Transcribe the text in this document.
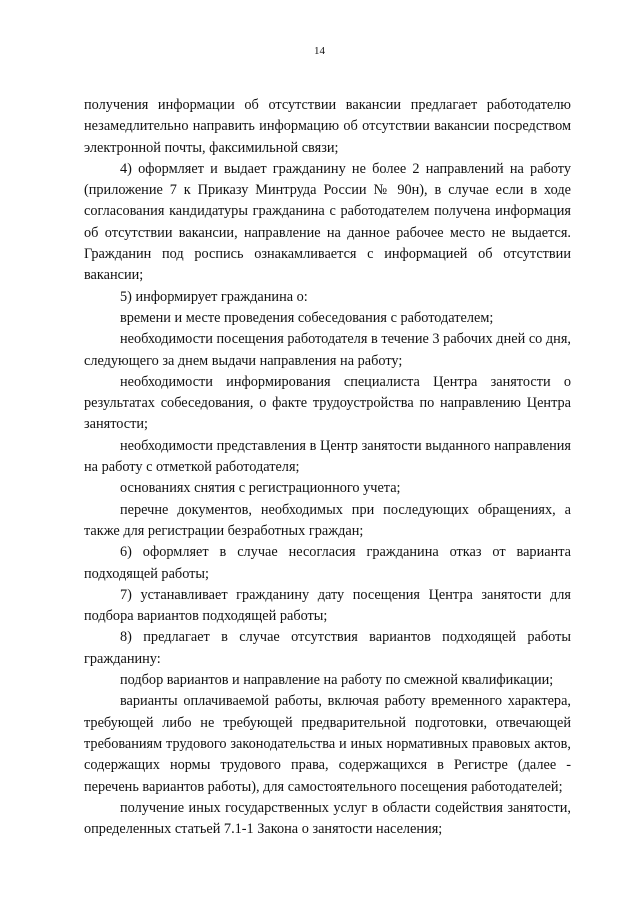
14

получения информации об отсутствии вакансии предлагает работодателю незамедлительно направить информацию об отсутствии вакансии посредством электронной почты, факсимильной связи;

4) оформляет и выдает гражданину не более 2 направлений на работу (приложение 7 к Приказу Минтруда России № 90н), в случае если в ходе согласования кандидатуры гражданина с работодателем получена информация об отсутствии вакансии, направление на данное рабочее место не выдается. Гражданин под роспись ознакамливается с информацией об отсутствии вакансии;

5) информирует гражданина о:

времени и месте проведения собеседования с работодателем;

необходимости посещения работодателя в течение 3 рабочих дней со дня, следующего за днем выдачи направления на работу;

необходимости информирования специалиста Центра занятости о результатах собеседования, о факте трудоустройства по направлению Центра занятости;

необходимости представления в Центр занятости выданного направления на работу с отметкой работодателя;

основаниях снятия с регистрационного учета;

перечне документов, необходимых при последующих обращениях, а также для регистрации безработных граждан;

6) оформляет в случае несогласия гражданина отказ от варианта подходящей работы;

7) устанавливает гражданину дату посещения Центра занятости для подбора вариантов подходящей работы;

8) предлагает в случае отсутствия вариантов подходящей работы гражданину:

подбор вариантов и направление на работу по смежной квалификации;

варианты оплачиваемой работы, включая работу временного характера, требующей либо не требующей предварительной подготовки, отвечающей требованиям трудового законодательства и иных нормативных правовых актов, содержащих нормы трудового права, содержащихся в Регистре (далее - перечень вариантов работы), для самостоятельного посещения работодателей;

получение иных государственных услуг в области содействия занятости, определенных статьей 7.1-1 Закона о занятости населения;
